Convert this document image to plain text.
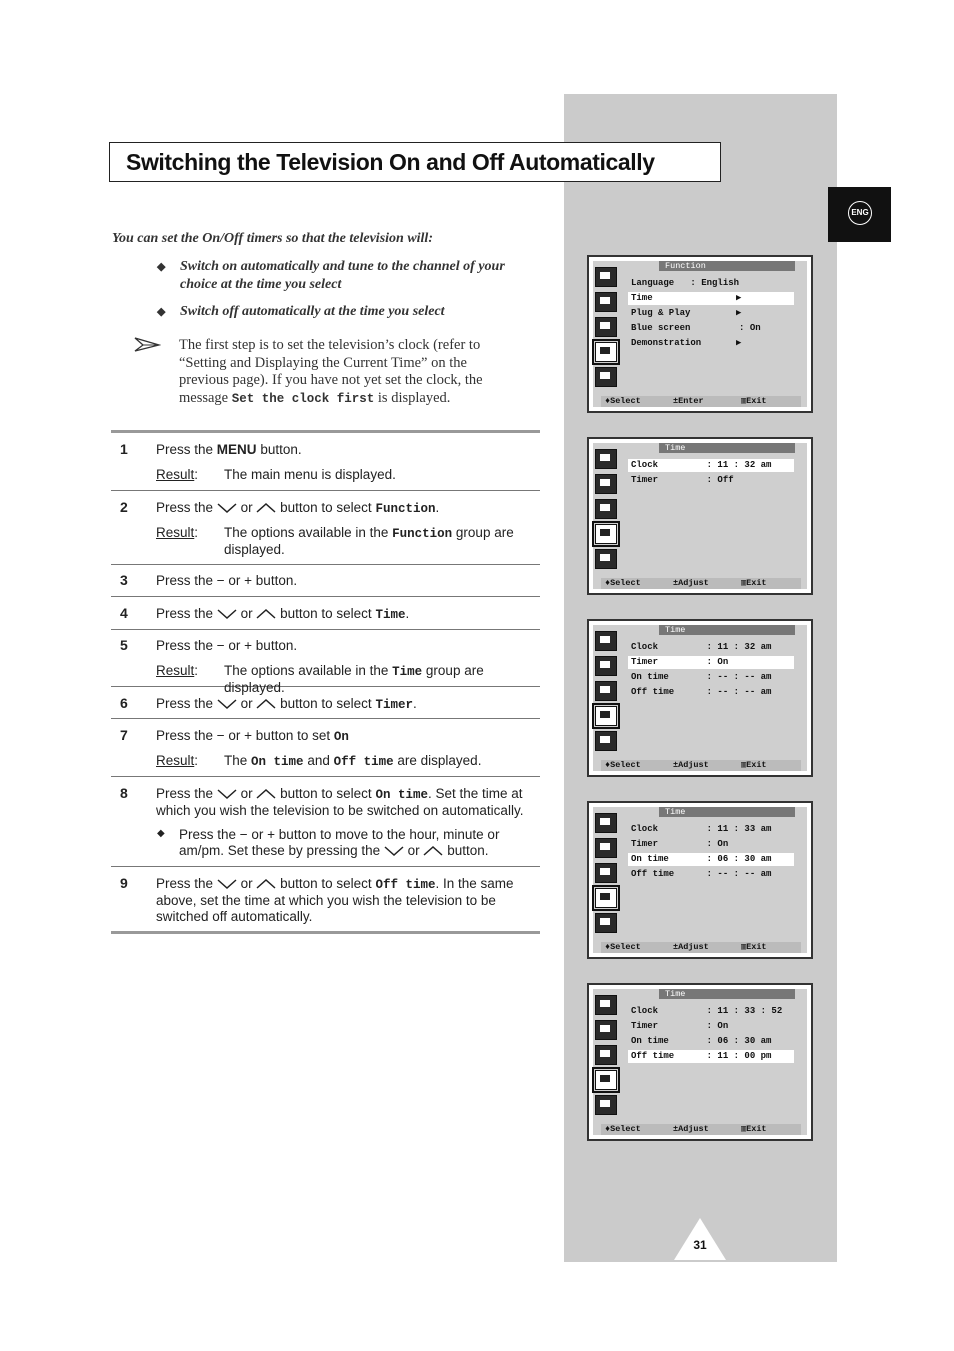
Switching the Television On and Off Automatically
ENG
You can set the On/Off timers so that the television will:
◆ Switch on automatically and tune to the channel of your choice at the time you select
◆ Switch off automatically at the time you select
The first step is to set the television’s clock (refer to “Setting and Displaying the Current Time” on the previous page). If you have not yet set the clock, the message Set the clock first is displayed.
1 Press the MENU button.
Result: The main menu is displayed.
2 Press the or button to select Function.
Result: The options available in the Function group are displayed.
3 Press the − or + button.
4 Press the or button to select Time.
5 Press the − or + button.
Result: The options available in the Time group are displayed.
6 Press the or button to select Timer.
7 Press the − or + button to set On
Result: The On time and Off time are displayed.
8 Press the or button to select On time. Set the time at which you wish the television to be switched on automatically.
◆ Press the − or + button to move to the hour, minute or am/pm. Set these by pressing the or button.
9 Press the or button to select Off time. In the same above, set the time at which you wish the television to be switched off automatically.
Function
Language   : English
Time	▶
Plug & Play	▶
Blue screen         : On
Demonstration	▶
♦Select	±Enter	▥Exit
Time
Clock         : 11 : 32 am
Timer         : Off
♦Select	±Adjust	▥Exit
Time
Clock         : 11 : 32 am
Timer         : On
On time       : -- : -- am
Off time      : -- : -- am
♦Select	±Adjust	▥Exit
Time
Clock         : 11 : 33 am
Timer         : On
On time       : 06 : 30 am
Off time      : -- : -- am
♦Select	±Adjust	▥Exit
Time
Clock         : 11 : 33 : 52
Timer         : On
On time       : 06 : 30 am
Off time      : 11 : 00 pm
♦Select	±Adjust	▥Exit
31
